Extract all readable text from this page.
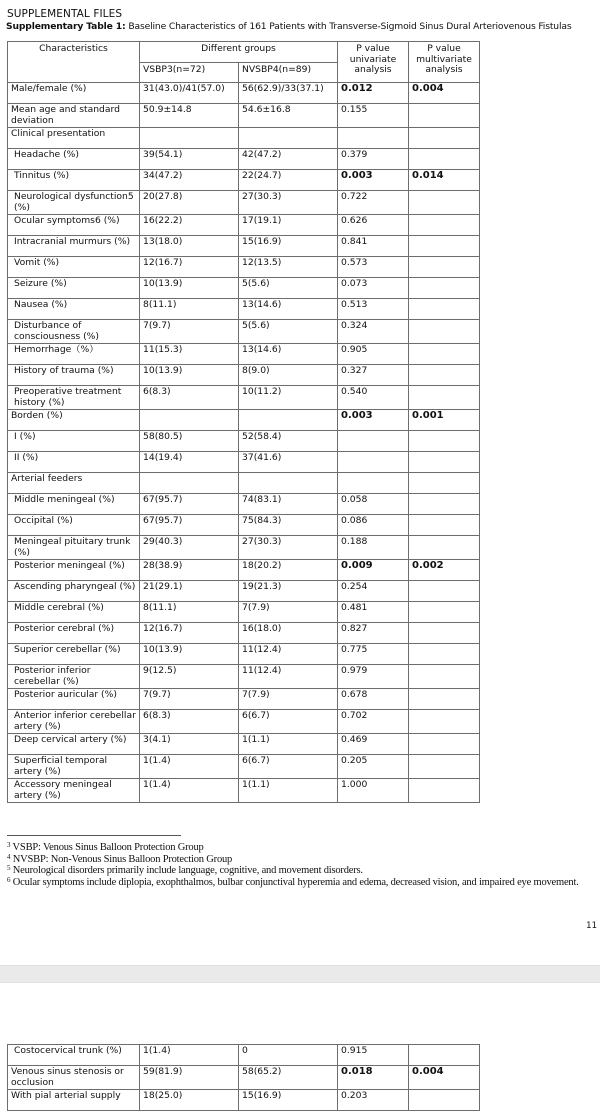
SUPPLEMENTAL FILES
Supplementary Table 1: Baseline Characteristics of 161 Patients with Transverse-Sigmoid Sinus Dural Arteriovenous Fistulas
Characteristics	Different groups		P value univariate analysis	P value multivariate analysis
	VSBP3(n=72)	NVSBP4(n=89)		
Male/female (%)	31(43.0)/41(57.0)	56(62.9)/33(37.1)	0.012	0.004
Mean age and standard deviation	50.9±14.8	54.6±16.8	0.155	
Clinical presentation				
Headache (%)	39(54.1)	42(47.2)	0.379	
Tinnitus (%)	34(47.2)	22(24.7)	0.003	0.014
Neurological dysfunction5 (%)	20(27.8)	27(30.3)	0.722	
Ocular symptoms6 (%)	16(22.2)	17(19.1)	0.626	
Intracranial murmurs (%)	13(18.0)	15(16.9)	0.841	
Vomit (%)	12(16.7)	12(13.5)	0.573	
Seizure (%)	10(13.9)	5(5.6)	0.073	
Nausea (%)	8(11.1)	13(14.6)	0.513	
Disturbance of consciousness (%)	7(9.7)	5(5.6)	0.324	
Hemorrhage（%）	11(15.3)	13(14.6)	0.905	
History of trauma (%)	10(13.9)	8(9.0)	0.327	
Preoperative treatment history (%)	6(8.3)	10(11.2)	0.540	
Borden (%)			0.003	0.001
I (%)	58(80.5)	52(58.4)		
II (%)	14(19.4)	37(41.6)		
Arterial feeders				
Middle meningeal (%)	67(95.7)	74(83.1)	0.058	
Occipital (%)	67(95.7)	75(84.3)	0.086	
Meningeal pituitary trunk (%)	29(40.3)	27(30.3)	0.188	
Posterior meningeal (%)	28(38.9)	18(20.2)	0.009	0.002
Ascending pharyngeal (%)	21(29.1)	19(21.3)	0.254	
Middle cerebral (%)	8(11.1)	7(7.9)	0.481	
Posterior cerebral (%)	12(16.7)	16(18.0)	0.827	
Superior cerebellar (%)	10(13.9)	11(12.4)	0.775	
Posterior inferior cerebellar (%)	9(12.5)	11(12.4)	0.979	
Posterior auricular (%)	7(9.7)	7(7.9)	0.678	
Anterior inferior cerebellar artery (%)	6(8.3)	6(6.7)	0.702	
Deep cervical artery (%)	3(4.1)	1(1.1)	0.469	
Superficial temporal artery (%)	1(1.4)	6(6.7)	0.205	
Accessory meningeal artery (%)	1(1.4)	1(1.1)	1.000	

$^3$ VSBP: Venous Sinus Balloon Protection Group

$^4$ NVSBP: Non-Venous Sinus Balloon Protection Group

$^5$ Neurological disorders primarily include language, cognitive, and movement disorders.

$^6$ Ocular symptoms include diplopia, exophthalmos, bulbar conjunctival hyperemia and edema, decreased vision, and impaired eye movement.

11
Costocervical trunk (%)	1(1.4)	0	0.915	
Venous sinus stenosis or occlusion	59(81.9)	58(65.2)	0.018	0.004
With pial arterial supply	18(25.0)	15(16.9)	0.203	
